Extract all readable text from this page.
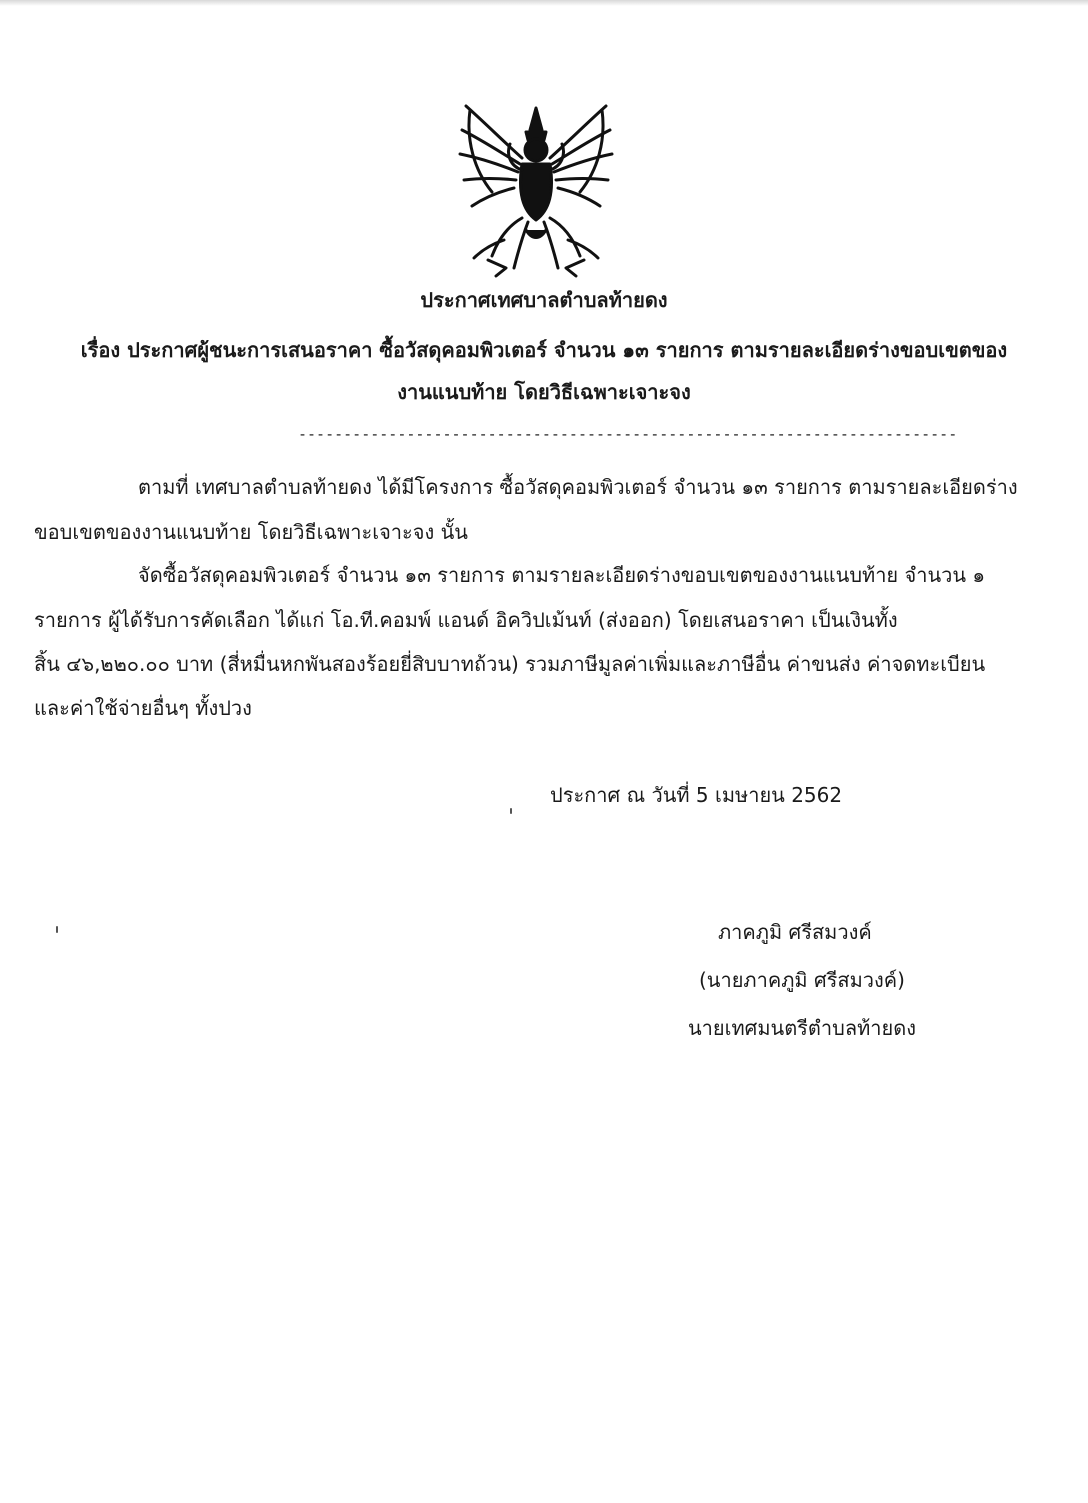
ประกาศเทศบาลตำบลท้ายดง
เรื่อง ประกาศผู้ชนะการเสนอราคา ซื้อวัสดุคอมพิวเตอร์ จำนวน ๑๓ รายการ ตามรายละเอียดร่างขอบเขตของ
งานแนบท้าย โดยวิธีเฉพาะเจาะจง
-------------------------------------------------------------------------
ตามที่ เทศบาลตำบลท้ายดง ได้มีโครงการ ซื้อวัสดุคอมพิวเตอร์ จำนวน ๑๓ รายการ ตามรายละเอียดร่าง
ขอบเขตของงานแนบท้าย โดยวิธีเฉพาะเจาะจง นั้น
จัดซื้อวัสดุคอมพิวเตอร์ จำนวน ๑๓ รายการ ตามรายละเอียดร่างขอบเขตของงานแนบท้าย จำนวน ๑
รายการ ผู้ได้รับการคัดเลือก ได้แก่ โอ.ที.คอมพ์ แอนด์ อิควิปเม้นท์ (ส่งออก) โดยเสนอราคา เป็นเงินทั้ง
สิ้น ๔๖,๒๒๐.๐๐ บาท (สี่หมื่นหกพันสองร้อยยี่สิบบาทถ้วน) รวมภาษีมูลค่าเพิ่มและภาษีอื่น ค่าขนส่ง ค่าจดทะเบียน
และค่าใช้จ่ายอื่นๆ ทั้งปวง
ประกาศ ณ วันที่ 5 เมษายน 2562
ภาคภูมิ ศรีสมวงค์
(นายภาคภูมิ ศรีสมวงค์)
นายเทศมนตรีตำบลท้ายดง
